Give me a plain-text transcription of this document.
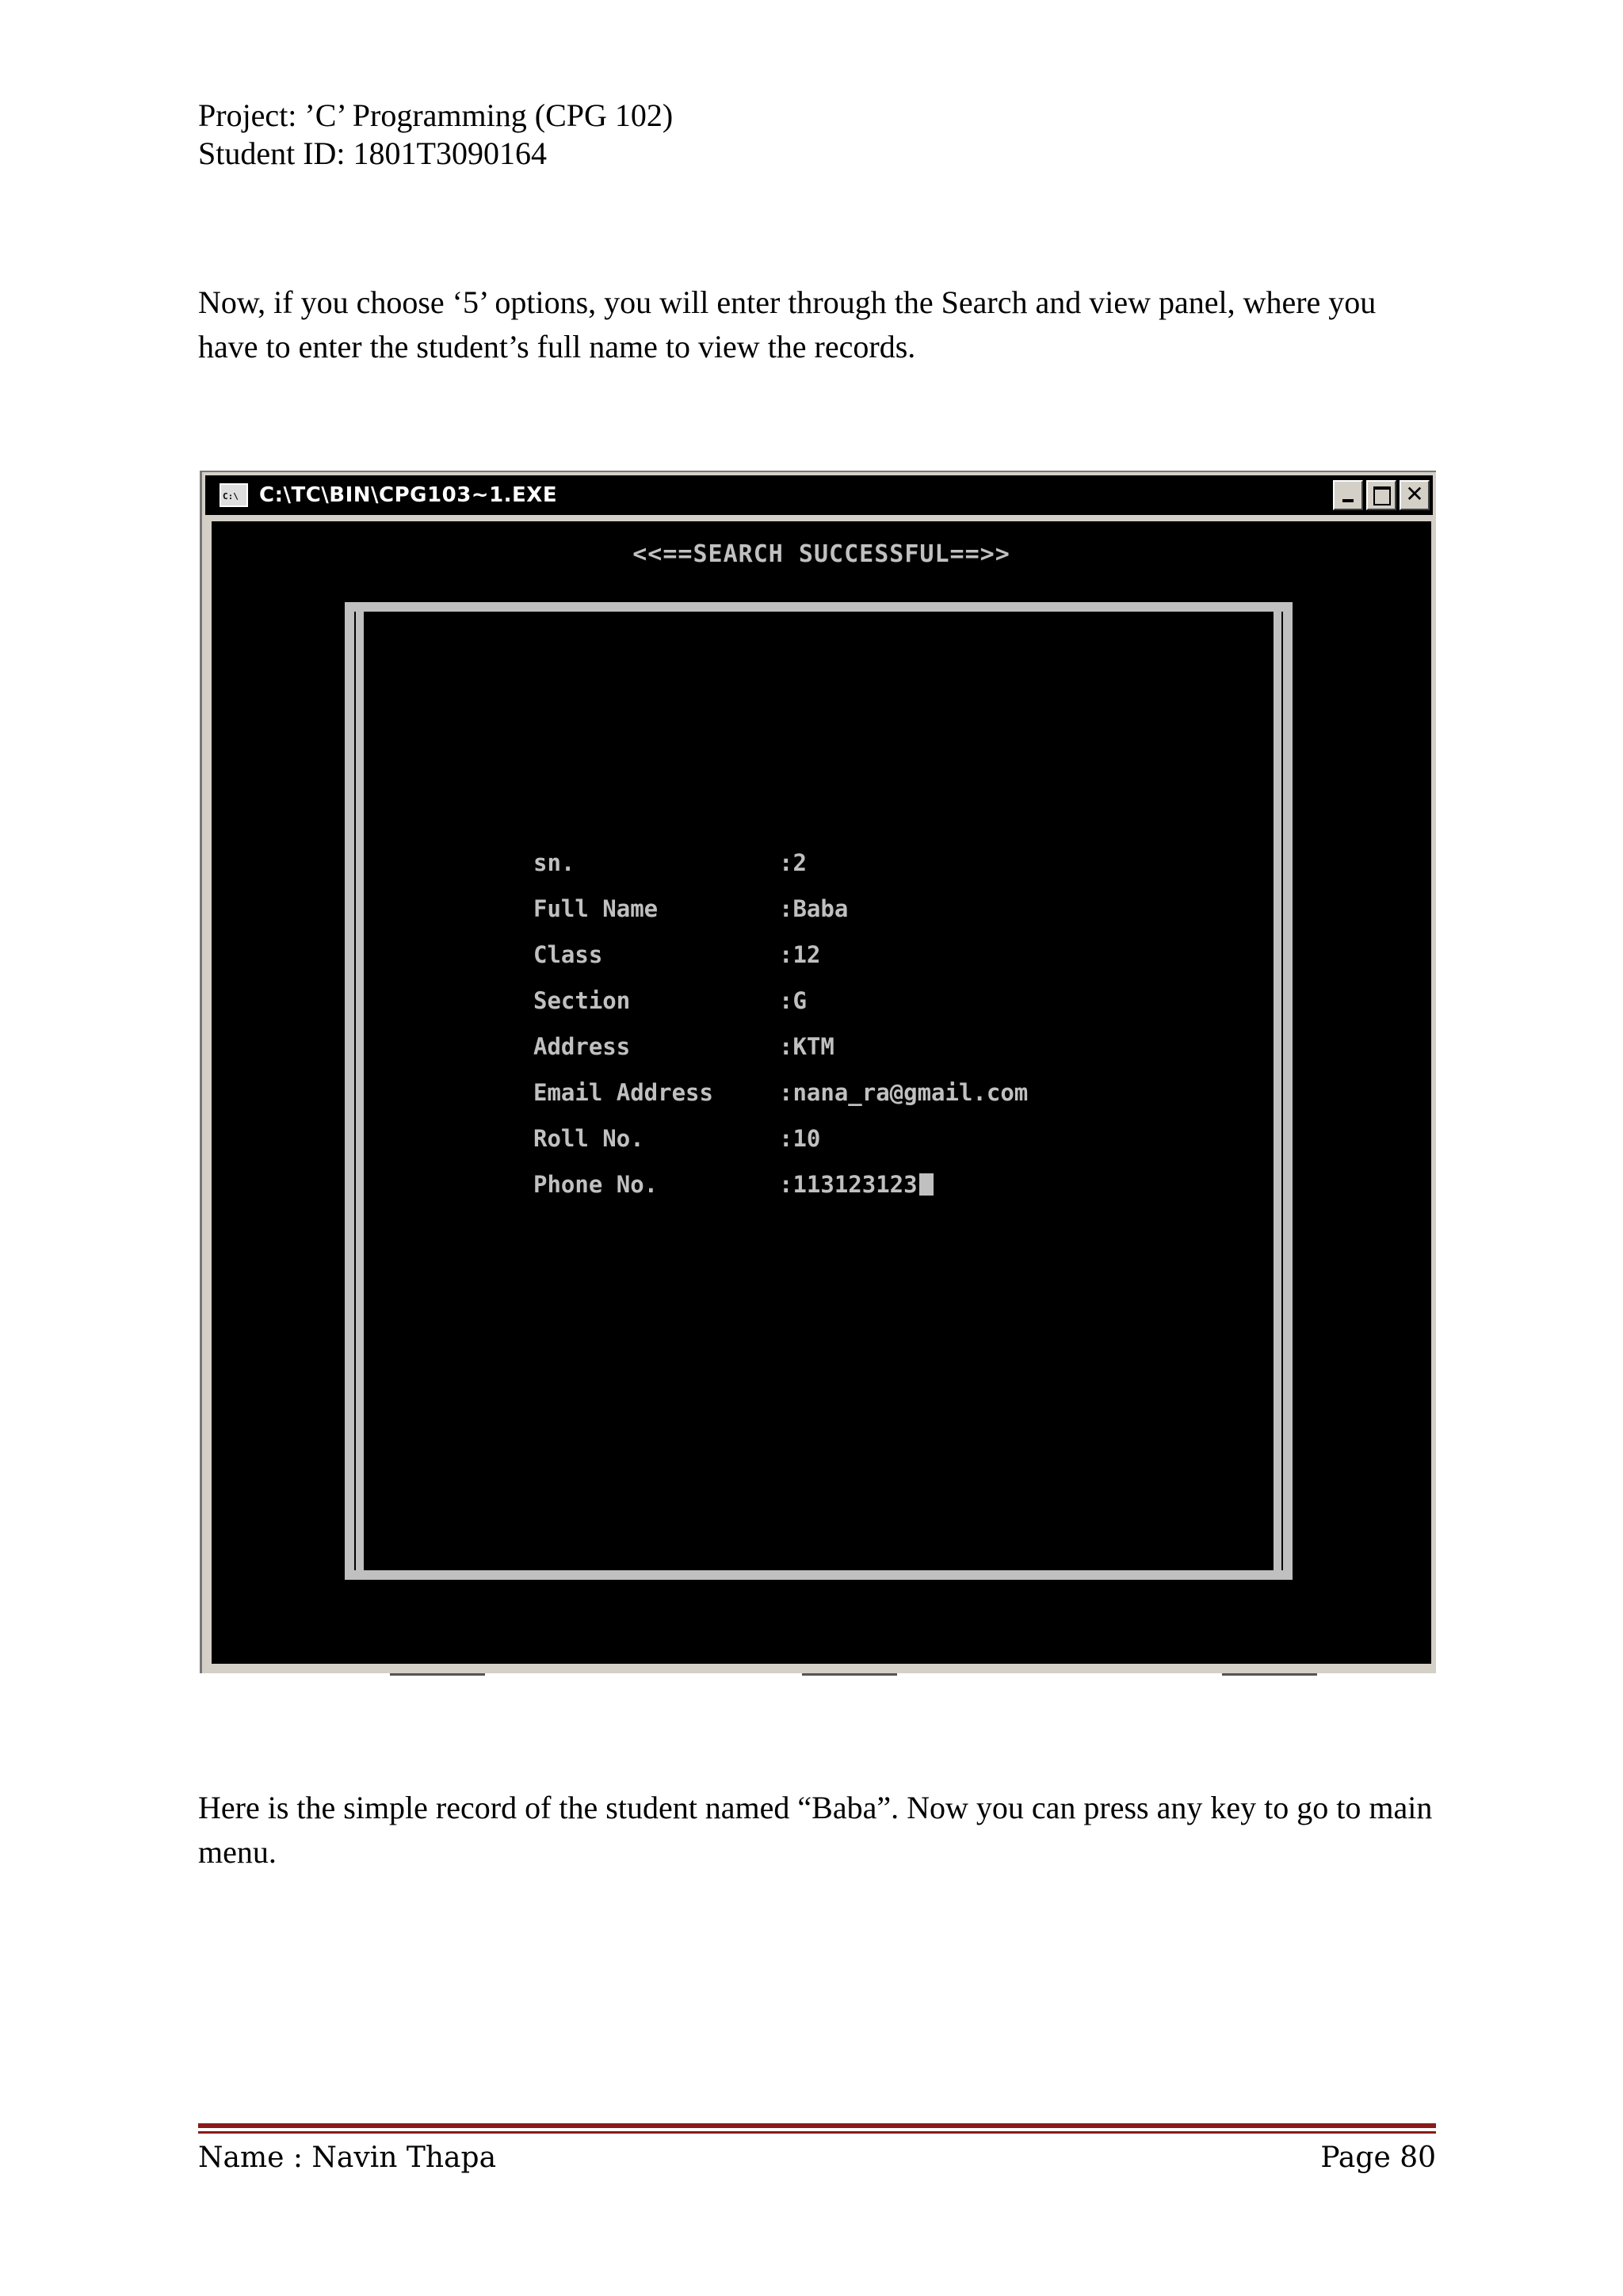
Project: ’C’ Programming (CPG 102)
Student ID: 1801T3090164
Now, if you choose ‘5’ options, you will enter through the Search and view panel, where you have to enter the student’s full name to view the records.
C:\
C:\TC\BIN\CPG103~1.EXE	✕
<<==SEARCH SUCCESSFUL==>>
sn.	:2
Full Name	:Baba
Class	:12
Section	:G
Address	:KTM
Email Address	:nana_ra@gmail.com
Roll No.	:10
Phone No.	:113123123
Here is the simple record of the student named “Baba”. Now you can press any key to go to main menu.
Name : Navin Thapa	Page 80
